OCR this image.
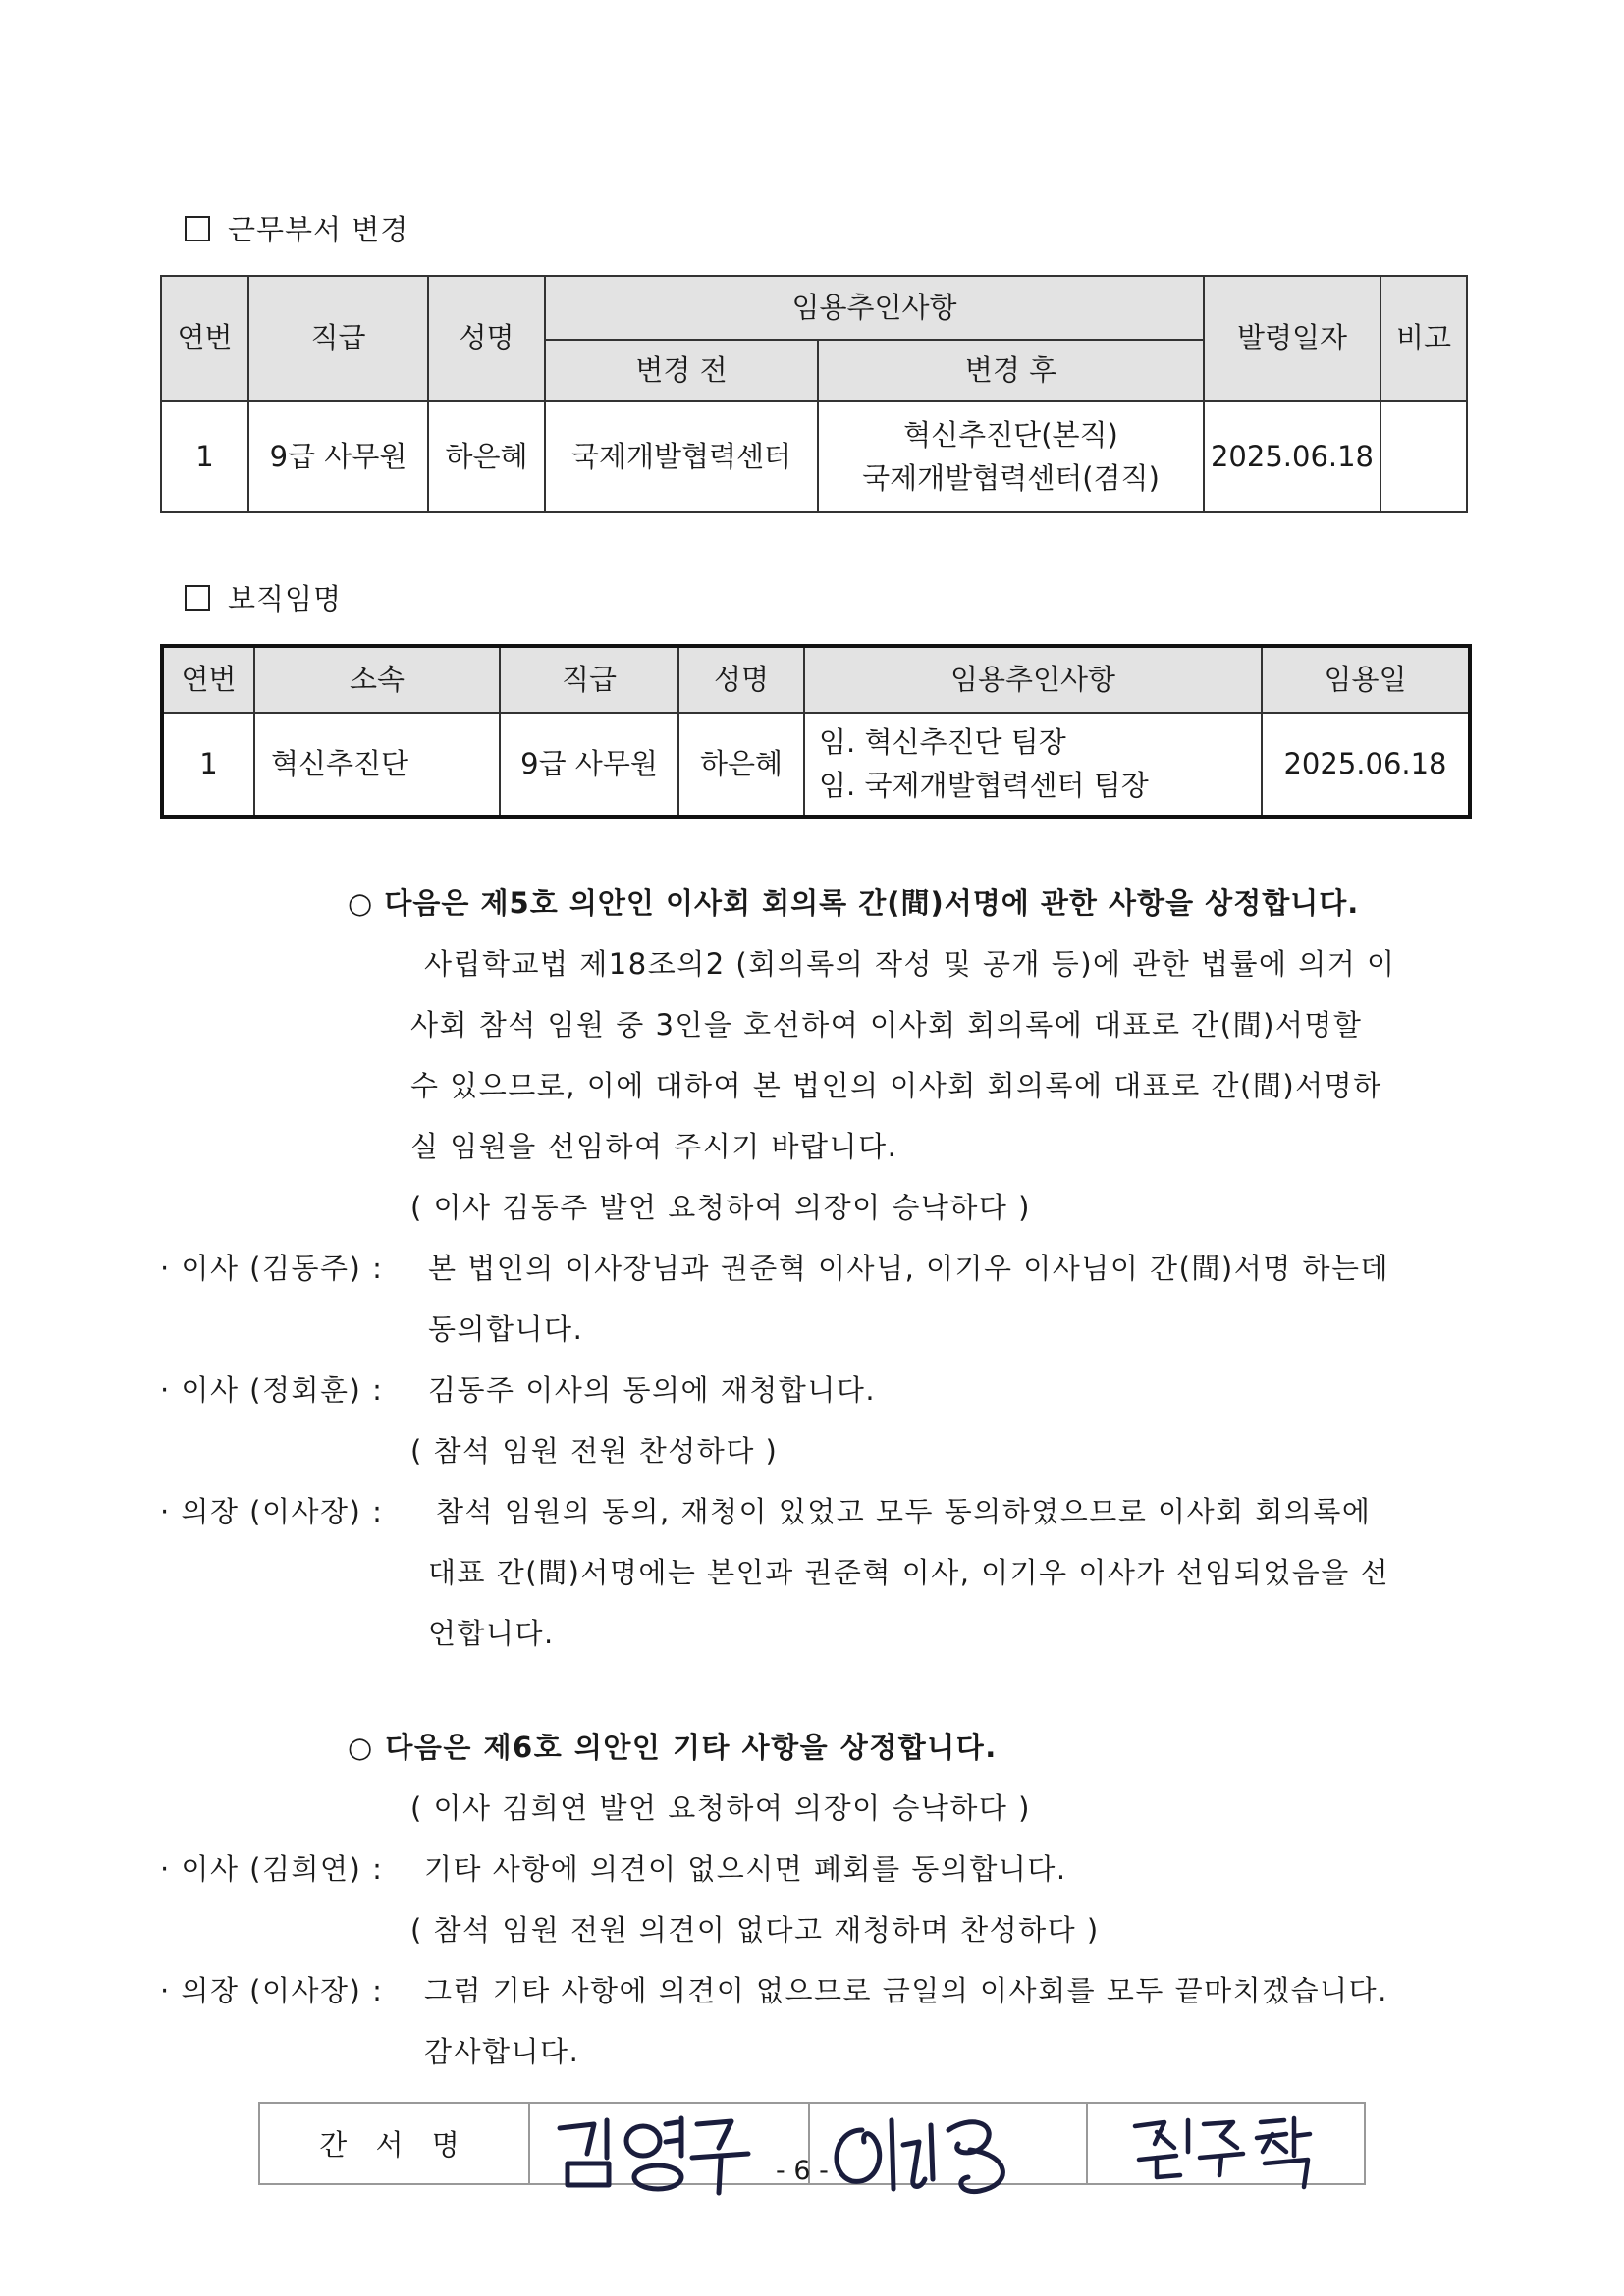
근무부서 변경
연번	직급	성명	임용추인사항		발령일자	비고
			변경 전	변경 후		
1	9급 사무원	하은혜	국제개발협력센터	혁신추진단(본직)
국제개발협력센터(겸직)	2025.06.18	
보직임명
연번	소속	직급	성명	임용추인사항	임용일
1	혁신추진단	9급 사무원	하은혜	임. 혁신추진단 팀장
임. 국제개발협력센터 팀장	2025.06.18
○ 다음은 제5호 의안인 이사회 회의록 간(間)서명에 관한 사항을 상정합니다.
사립학교법 제18조의2 (회의록의 작성 및 공개 등)에 관한 법률에 의거 이
사회 참석 임원 중 3인을 호선하여 이사회 회의록에 대표로 간(間)서명할
수 있으므로, 이에 대하여 본 법인의 이사회 회의록에 대표로 간(間)서명하
실 임원을 선임하여 주시기 바랍니다.
( 이사 김동주 발언 요청하여 의장이 승낙하다 )
· 이사 (김동주) : 본 법인의 이사장님과 권준혁 이사님, 이기우 이사님이 간(間)서명 하는데
동의합니다.
· 이사 (정회훈) : 김동주 이사의 동의에 재청합니다.
( 참석 임원 전원 찬성하다 )
· 의장 (이사장) : 참석 임원의 동의, 재청이 있었고 모두 동의하였으므로 이사회 회의록에
대표 간(間)서명에는 본인과 권준혁 이사, 이기우 이사가 선임되었음을 선
언합니다.
○ 다음은 제6호 의안인 기타 사항을 상정합니다.
( 이사 김희연 발언 요청하여 의장이 승낙하다 )
· 이사 (김희연) : 기타 사항에 의견이 없으시면 폐회를 동의합니다.
( 참석 임원 전원 의견이 없다고 재청하며 찬성하다 )
· 의장 (이사장) : 그럼 기타 사항에 의견이 없으므로 금일의 이사회를 모두 끝마치겠습니다.
감사합니다.
간 서 명			
- 6 -
